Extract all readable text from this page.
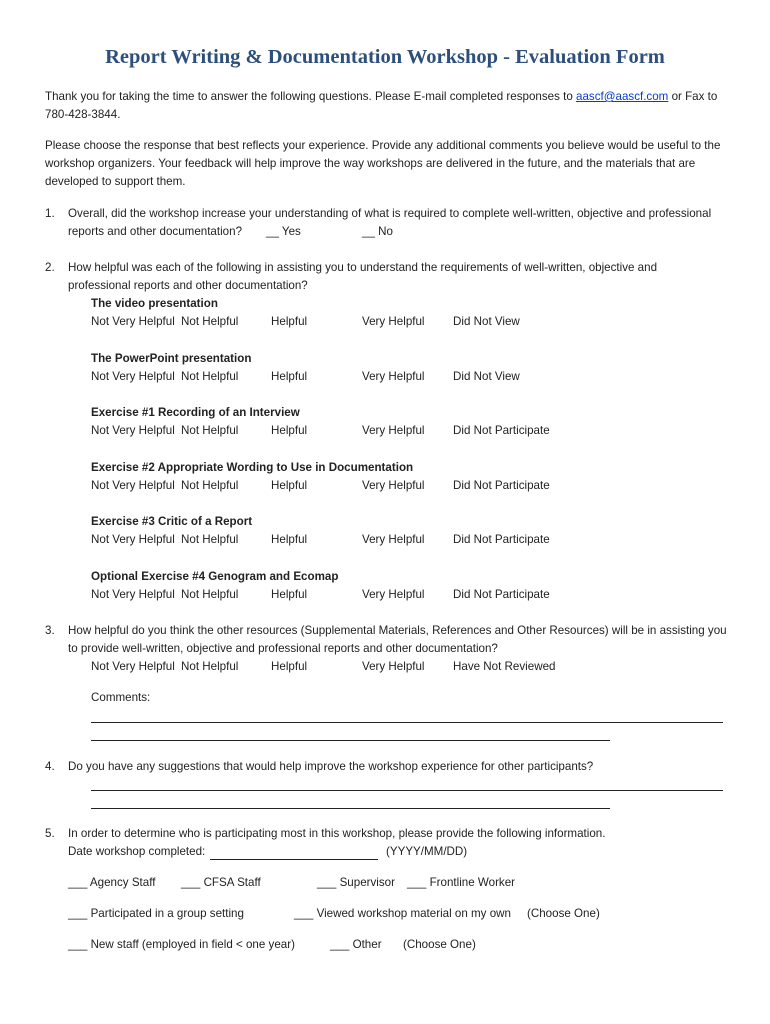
Report Writing & Documentation Workshop - Evaluation Form

Thank you for taking the time to answer the following questions. Please E-mail completed responses to aascf@aascf.com or Fax to

780-428-3844.

Please choose the response that best reflects your experience. Provide any additional comments you believe would be useful to the

workshop organizers. Your feedback will help improve the way workshops are delivered in the future, and the materials that are

developed to support them.

1. Overall, did the workshop increase your understanding of what is required to complete well-written, objective and professional
reports and other documentation? __ Yes	__ No
2. How helpful was each of the following in assisting you to understand the requirements of well-written, objective and
professional reports and other documentation?
The video presentation
Not Very Helpful Not Helpful	Helpful	Very Helpful Did Not View
The PowerPoint presentation
Not Very Helpful Not Helpful	Helpful	Very Helpful Did Not View
Exercise #1 Recording of an Interview
Not Very Helpful Not Helpful	Helpful	Very Helpful Did Not Participate
Exercise #2 Appropriate Wording to Use in Documentation
Not Very Helpful Not Helpful	Helpful	Very Helpful Did Not Participate
Exercise #3 Critic of a Report
Not Very Helpful Not Helpful	Helpful	Very Helpful Did Not Participate
Optional Exercise #4 Genogram and Ecomap
Not Very Helpful Not Helpful	Helpful	Very Helpful Did Not Participate
3. How helpful do you think the other resources (Supplemental Materials, References and Other Resources) will be in assisting you
to provide well-written, objective and professional reports and other documentation?
Not Very Helpful Not Helpful	Helpful	Very Helpful Have Not Reviewed
Comments:
4. Do you have any suggestions that would help improve the workshop experience for other participants?
5. In order to determine who is participating most in this workshop, please provide the following information.
Date workshop completed:	(YYYY/MM/DD)
___ Agency Staff ___ CFSA Staff	___ Supervisor ___ Frontline Worker
___ Participated in a group setting	___ Viewed workshop material on my own (Choose One)
___ New staff (employed in field < one year)	___ Other (Choose One)
